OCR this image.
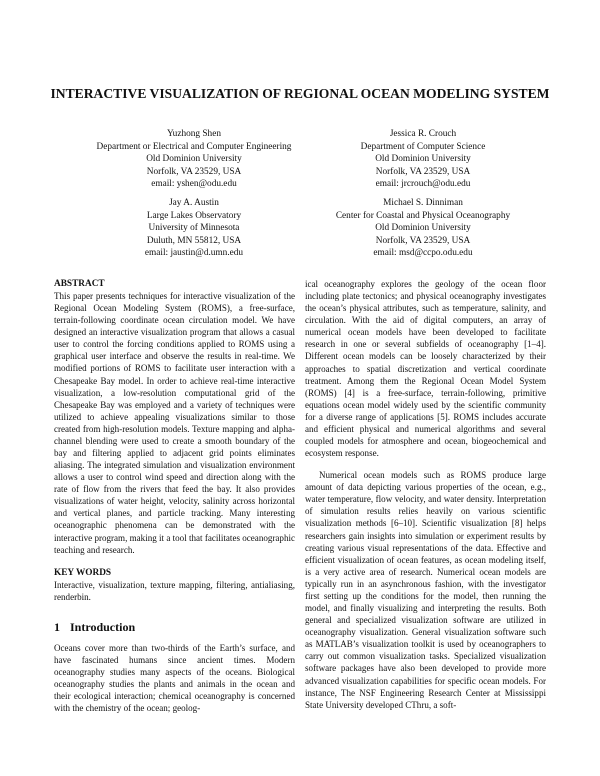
INTERACTIVE VISUALIZATION OF REGIONAL OCEAN MODELING SYSTEM
Yuzhong Shen
Department or Electrical and Computer Engineering
Old Dominion University
Norfolk, VA 23529, USA
email: yshen@odu.edu
Jessica R. Crouch
Department of Computer Science
Old Dominion University
Norfolk, VA 23529, USA
email: jrcrouch@odu.edu
Jay A. Austin
Large Lakes Observatory
University of Minnesota
Duluth, MN 55812, USA
email: jaustin@d.umn.edu
Michael S. Dinniman
Center for Coastal and Physical Oceanography
Old Dominion University
Norfolk, VA 23529, USA
email: msd@ccpo.odu.edu
ABSTRACT

This paper presents techniques for interactive visualization of the Regional Ocean Modeling System (ROMS), a free-surface, terrain-following coordinate ocean circulation model. We have designed an interactive visualization program that allows a casual user to control the forcing conditions applied to ROMS using a graphical user interface and observe the results in real-time. We modified portions of ROMS to facilitate user interaction with a Chesapeake Bay model. In order to achieve real-time interactive visualization, a low-resolution computational grid of the Chesapeake Bay was employed and a variety of techniques were utilized to achieve appealing visualizations similar to those created from high-resolution models. Texture mapping and alpha-channel blending were used to create a smooth boundary of the bay and filtering applied to adjacent grid points eliminates aliasing. The integrated simulation and visualization environment allows a user to control wind speed and direction along with the rate of flow from the rivers that feed the bay. It also provides visualizations of water height, velocity, salinity across horizontal and vertical planes, and particle tracking. Many interesting oceanographic phenomena can be demonstrated with the interactive program, making it a tool that facilitates oceanographic teaching and research.

KEY WORDS

Interactive, visualization, texture mapping, filtering, antialiasing, renderbin.

1 Introduction

Oceans cover more than two-thirds of the Earth’s surface, and have fascinated humans since ancient times. Modern oceanography studies many aspects of the oceans. Biological oceanography studies the plants and animals in the ocean and their ecological interaction; chemical oceanography is concerned with the chemistry of the ocean; geolog-

ical oceanography explores the geology of the ocean floor including plate tectonics; and physical oceanography investigates the ocean’s physical attributes, such as temperature, salinity, and circulation. With the aid of digital computers, an array of numerical ocean models have been developed to facilitate research in one or several subfields of oceanography [1–4]. Different ocean models can be loosely characterized by their approaches to spatial discretization and vertical coordinate treatment. Among them the Regional Ocean Model System (ROMS) [4] is a free-surface, terrain-following, primitive equations ocean model widely used by the scientific community for a diverse range of applications [5]. ROMS includes accurate and efficient physical and numerical algorithms and several coupled models for atmosphere and ocean, biogeochemical and ecosystem response.

Numerical ocean models such as ROMS produce large amount of data depicting various properties of the ocean, e.g., water temperature, flow velocity, and water density. Interpretation of simulation results relies heavily on various scientific visualization methods [6–10]. Scientific visualization [8] helps researchers gain insights into simulation or experiment results by creating various visual representations of the data. Effective and efficient visualization of ocean features, as ocean modeling itself, is a very active area of research. Numerical ocean models are typically run in an asynchronous fashion, with the investigator first setting up the conditions for the model, then running the model, and finally visualizing and interpreting the results. Both general and specialized visualization software are utilized in oceanography visualization. General visualization software such as MATLAB’s visualization toolkit is used by oceanographers to carry out common visualization tasks. Specialized visualization software packages have also been developed to provide more advanced visualization capabilities for specific ocean models. For instance, The NSF Engineering Research Center at Mississippi State University developed CThru, a soft-
